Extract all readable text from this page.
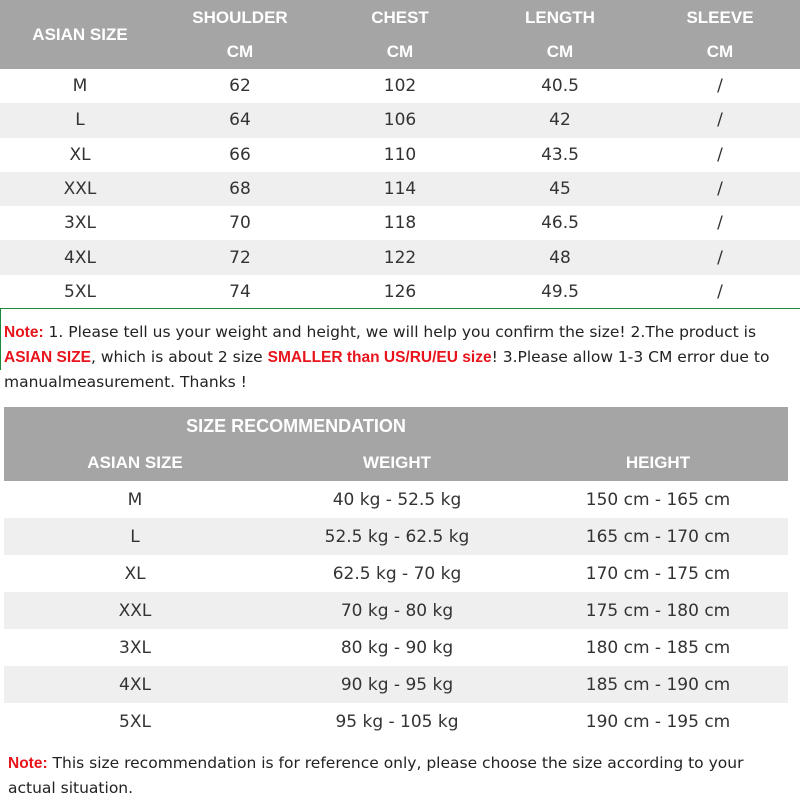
ASIAN SIZE
SHOULDER	CHEST	LENGTH	SLEEVE
CM	CM	CM	CM
M	62	102	40.5	/
L	64	106	42	/
XL	66	110	43.5	/
XXL	68	114	45	/
3XL	70	118	46.5	/
4XL	72	122	48	/
5XL	74	126	49.5	/
Note: 1. Please tell us your weight and height, we will help you confirm the size! 2.The product is ASIAN SIZE, which is about 2 size SMALLER than US/RU/EU size! 3.Please allow 1-3 CM error due to manualmeasurement. Thanks !
SIZE RECOMMENDATION
ASIAN SIZE	WEIGHT	HEIGHT
M	40 kg - 52.5 kg	150 cm - 165 cm
L	52.5 kg - 62.5 kg	165 cm - 170 cm
XL	62.5 kg - 70 kg	170 cm - 175 cm
XXL	70 kg - 80 kg	175 cm - 180 cm
3XL	80 kg - 90 kg	180 cm - 185 cm
4XL	90 kg - 95 kg	185 cm - 190 cm
5XL	95 kg - 105 kg	190 cm - 195 cm
Note: This size recommendation is for reference only, please choose the size according to your actual situation.
